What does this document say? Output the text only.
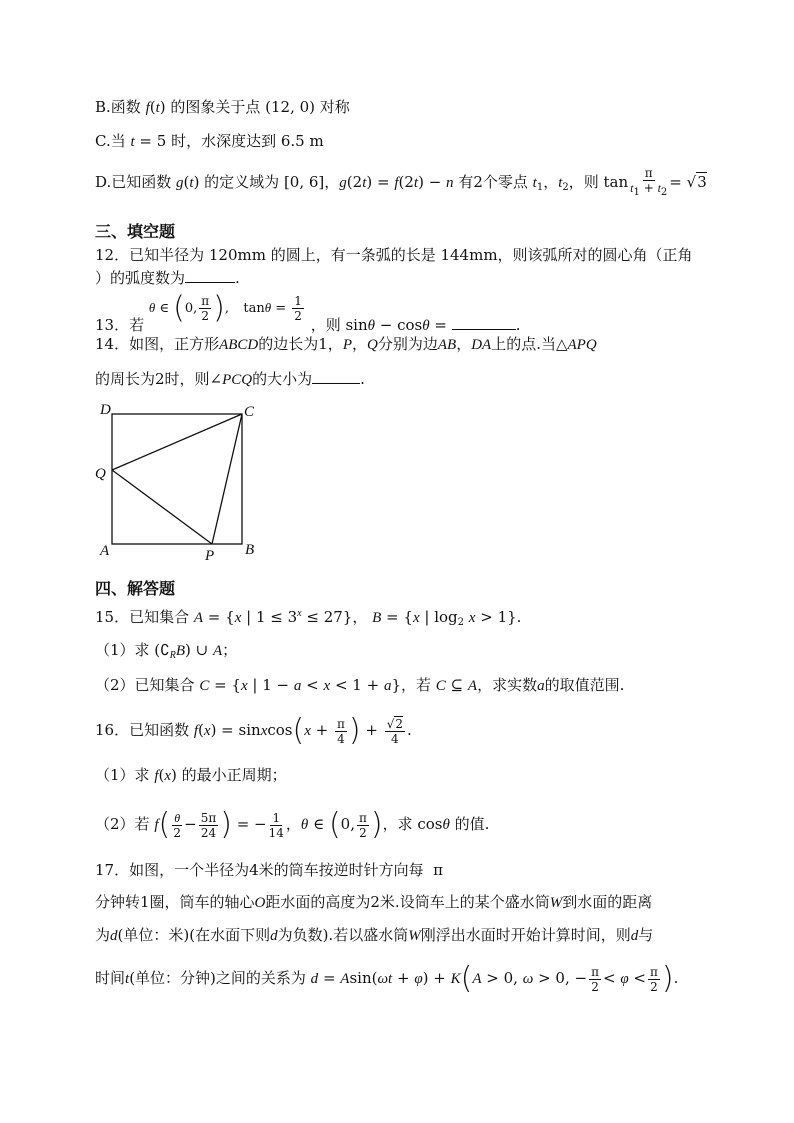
B.函数 f(t) 的图象关于点 (12, 0) 对称
C.当 t = 5 时，水深度达到 6.5 m
D.已知函数 g(t) 的定义域为 [0, 6]，g(2t) = f(2t) − n 有2个零点 $t_1$，$t_2$，则 $\tan \frac{\pi}{t_1 + t_2} = √3$
三、填空题
12．已知半径为 120mm 的圆上，有一条弧的长是 144mm，则该弧所对的圆心角（正角
）的弧度数为	.
13．若 θ ∈ (0, $\frac{\pi}{2}$ ), $\tan\theta = \frac{1}{2}$
，则 sinθ − cosθ =	.
14．如图，正方形ABCD的边长为1，P，Q分别为边AB，DA上的点.当△APQ
的周长为2时，则∠PCQ的大小为	.
D	C
Q
A	P B
四、解答题
15．已知集合 A = {x | $1 \le 3^x \le 27$}， B = {x | $\log_2 x > 1$}.
（1）求 $(∁_RB)$ ∪ A；
（2）已知集合 C = {x | 1 − a < x < 1 + a}，若 C ⊆ A，求实数a的取值范围.
16．已知函数 f(x) = sinxcos(x + $\frac{\pi}{4}$ ) + $\frac{√2}{4}$ .
（1）求 f(x) 的最小正周期；
（2）若 $f( \frac{\theta}{2} - \frac{5\pi}{24}$ ) = − $\frac{1}{14}$ ，θ ∈ (0, $\frac{\pi}{2}$ )，求 cosθ 的值.
17．如图，一个半径为4米的筒车按逆时针方向每  π
分钟转1圈，筒车的轴心O距水面的高度为2米.设筒车上的某个盛水筒W到水面的距离
为d(单位：米)(在水面下则d为负数).若以盛水筒W刚浮出水面时开始计算时间，则d与
时间t(单位：分钟)之间的关系为 d = Asin(ωt + φ) + K(A > 0, ω > 0, − $\frac{\pi}{2} < \varphi < \frac{\pi}{2}$ ).
